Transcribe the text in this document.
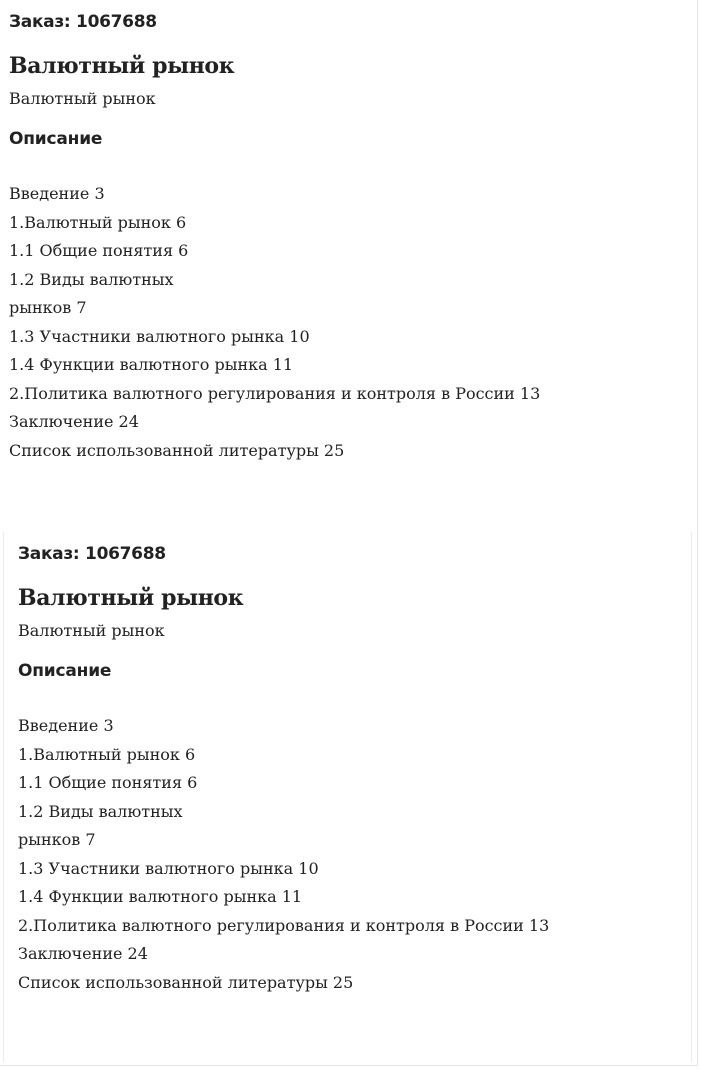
Заказ: 1067688
Валютный рынок
Валютный рынок
Описание
Введение 3
1.Валютный рынок 6
1.1 Общие понятия 6
1.2 Виды валютных
рынков 7
1.3 Участники валютного рынка 10
1.4 Функции валютного рынка 11
2.Политика валютного регулирования и контроля в России 13
Заключение 24
Список использованной литературы 25
Заказ: 1067688
Валютный рынок
Валютный рынок
Описание
Введение 3
1.Валютный рынок 6
1.1 Общие понятия 6
1.2 Виды валютных
рынков 7
1.3 Участники валютного рынка 10
1.4 Функции валютного рынка 11
2.Политика валютного регулирования и контроля в России 13
Заключение 24
Список использованной литературы 25
